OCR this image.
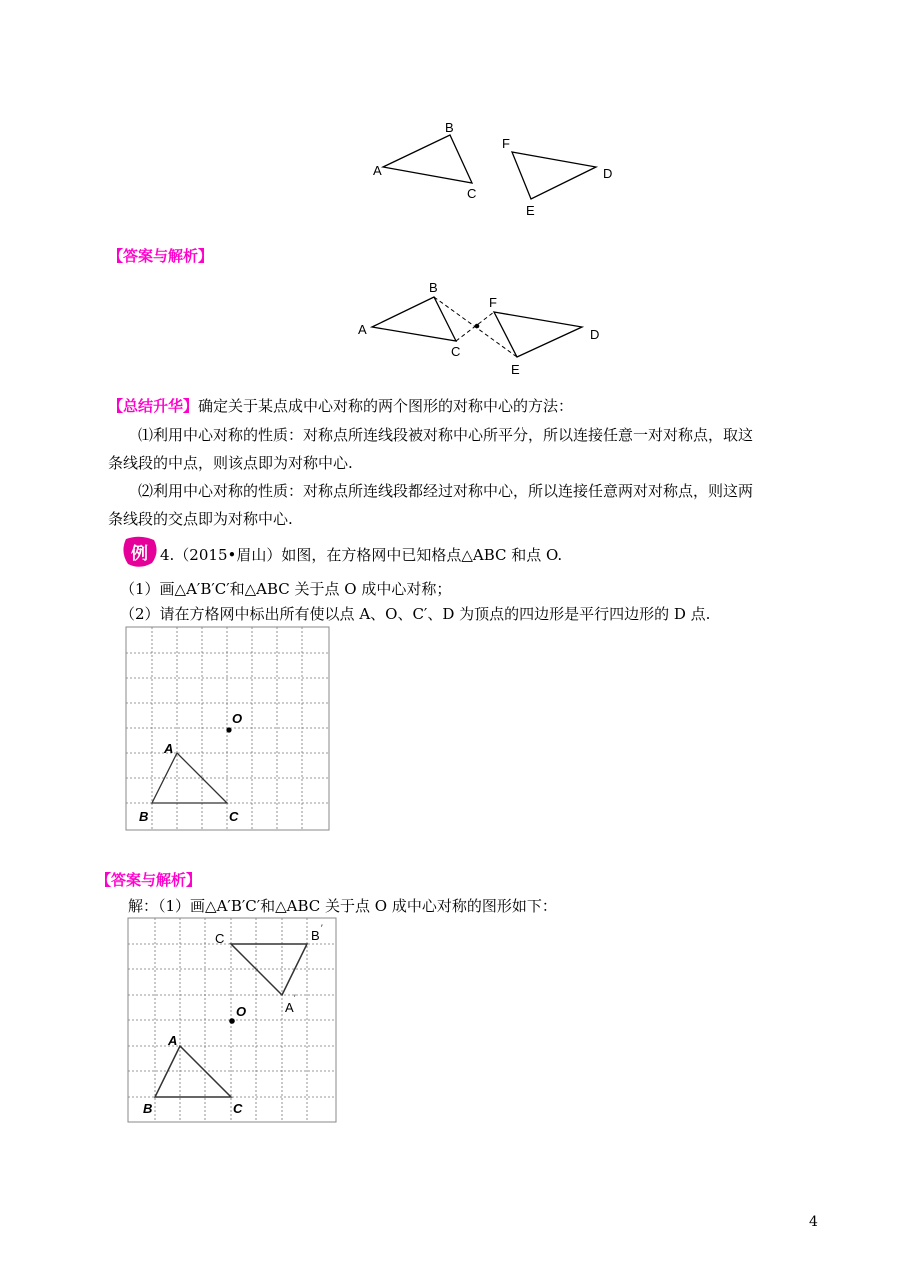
A
B
C
F
D
E
【答案与解析】
A
B
C
F
D
E
【总结升华】确定关于某点成中心对称的两个图形的对称中心的方法：
⑴利用中心对称的性质：对称点所连线段被对称中心所平分，所以连接任意一对对称点，取这
条线段的中点，则该点即为对称中心.
⑵利用中心对称的性质：对称点所连线段都经过对称中心，所以连接任意两对对称点，则这两
条线段的交点即为对称中心.
例 4.（2015•眉山）如图，在方格网中已知格点△ABC 和点 O.
（1）画△A′B′C′和△ABC 关于点 O 成中心对称；
（2）请在方格网中标出所有使以点 A、O、C′、D 为顶点的四边形是平行四边形的 D 点.
O
A
B	C
【答案与解析】
解：（1）画△A′B′C′和△ABC 关于点 O 成中心对称的图形如下：
O
A
B	C
C	B
A
′
′
4
